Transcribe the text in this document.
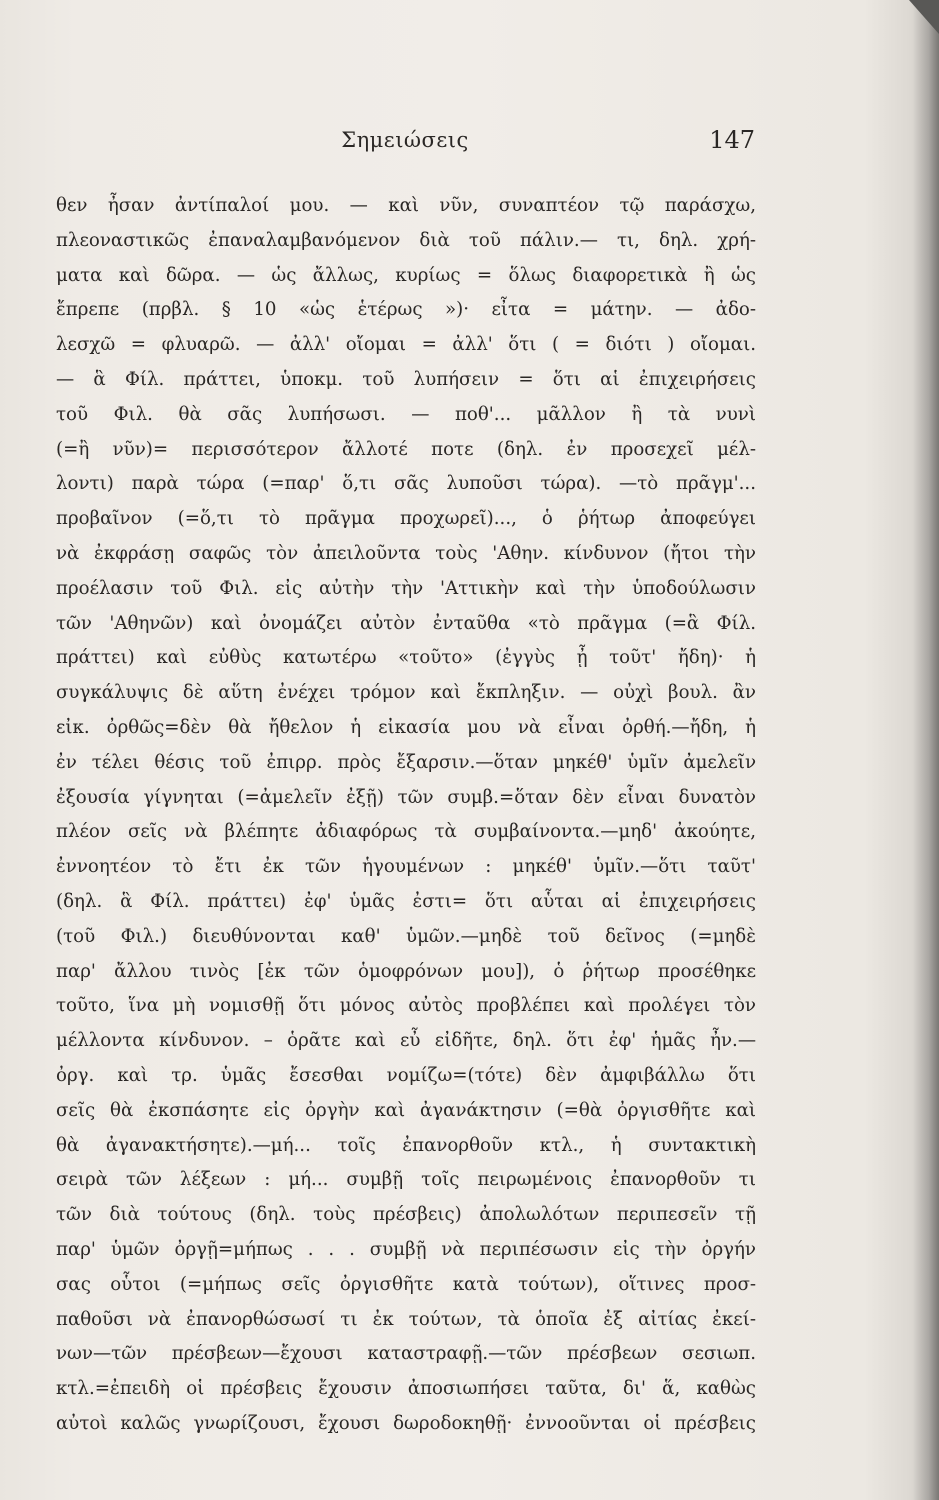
Σημειώσεις	147
θεν ἦσαν ἀντίπαλοί μου. — καὶ νῦν, συναπτέον τῷ παράσχω,
πλεοναστικῶς ἐπαναλαμβανόμενον διὰ τοῦ πάλιν.— τι, δηλ. χρή-
ματα καὶ δῶρα. — ὡς ἄλλως, κυρίως = ὅλως διαφορετικὰ ἢ ὡς
ἔπρεπε (πρβλ. § 10 «ὡς ἑτέρως »)· εἶτα = μάτην. — ἀδο-
λεσχῶ = φλυαρῶ. — ἀλλ' οἴομαι = ἀλλ' ὅτι ( = διότι ) οἴομαι.
— ἃ Φίλ. πράττει, ὑποκμ. τοῦ λυπήσειν = ὅτι αἱ ἐπιχειρήσεις
τοῦ Φιλ. θὰ σᾶς λυπήσωσι. — ποθ'... μᾶλλον ἢ τὰ νυνὶ
(=ἢ νῦν)= περισσότερον ἄλλοτέ ποτε (δηλ. ἐν προσεχεῖ μέλ-
λοντι) παρὰ τώρα (=παρ' ὅ,τι σᾶς λυποῦσι τώρα). —τὸ πρᾶγμ'...
προβαῖνον (=ὅ,τι τὸ πρᾶγμα προχωρεῖ)..., ὁ ῥήτωρ ἀποφεύγει
νὰ ἐκφράσῃ σαφῶς τὸν ἀπειλοῦντα τοὺς 'Αθην. κίνδυνον (ἤτοι τὴν
προέλασιν τοῦ Φιλ. εἰς αὐτὴν τὴν 'Αττικὴν καὶ τὴν ὑποδούλωσιν
τῶν 'Αθηνῶν) καὶ ὀνομάζει αὐτὸν ἐνταῦθα «τὸ πρᾶγμα (=ἃ Φίλ.
πράττει) καὶ εὐθὺς κατωτέρω «τοῦτο» (ἐγγὺς ᾖ τοῦτ' ἤδη)· ἡ
συγκάλυψις δὲ αὕτη ἐνέχει τρόμον καὶ ἔκπληξιν. — οὐχὶ βουλ. ἂν
εἰκ. ὀρθῶς=δὲν θὰ ἤθελον ἡ εἰκασία μου νὰ εἶναι ὀρθή.—ἤδη, ἡ
ἐν τέλει θέσις τοῦ ἐπιρρ. πρὸς ἔξαρσιν.—ὅταν μηκέθ' ὑμῖν ἀμελεῖν
ἐξουσία γίγνηται (=ἀμελεῖν ἐξῇ) τῶν συμβ.=ὅταν δὲν εἶναι δυνατὸν
πλέον σεῖς νὰ βλέπητε ἀδιαφόρως τὰ συμβαίνοντα.—μηδ' ἀκούητε,
ἐννοητέον τὸ ἔτι ἐκ τῶν ἡγουμένων : μηκέθ' ὑμῖν.—ὅτι ταῦτ'
(δηλ. ἃ Φίλ. πράττει) ἐφ' ὑμᾶς ἐστι= ὅτι αὗται αἱ ἐπιχειρήσεις
(τοῦ Φιλ.) διευθύνονται καθ' ὑμῶν.—μηδὲ τοῦ δεῖνος (=μηδὲ
παρ' ἄλλου τινὸς [ἐκ τῶν ὁμοφρόνων μου]), ὁ ῥήτωρ προσέθηκε
τοῦτο, ἵνα μὴ νομισθῇ ὅτι μόνος αὐτὸς προβλέπει καὶ προλέγει τὸν
μέλλοντα κίνδυνον. – ὁρᾶτε καὶ εὖ εἰδῆτε, δηλ. ὅτι ἐφ' ἡμᾶς ἦν.—
ὀργ. καὶ τρ. ὑμᾶς ἔσεσθαι νομίζω=(τότε) δὲν ἀμφιβάλλω ὅτι
σεῖς θὰ ἐκσπάσητε εἰς ὀργὴν καὶ ἀγανάκτησιν (=θὰ ὀργισθῆτε καὶ
θὰ ἀγανακτήσητε).—μή... τοῖς ἐπανορθοῦν κτλ., ἡ συντακτικὴ
σειρὰ τῶν λέξεων : μή... συμβῇ τοῖς πειρωμένοις ἐπανορθοῦν τι
τῶν διὰ τούτους (δηλ. τοὺς πρέσβεις) ἀπολωλότων περιπεσεῖν τῇ
παρ' ὑμῶν ὀργῇ=μήπως . . . συμβῇ νὰ περιπέσωσιν εἰς τὴν ὀργήν
σας οὗτοι (=μήπως σεῖς ὀργισθῆτε κατὰ τούτων), οἵτινες προσ-
παθοῦσι νὰ ἐπανορθώσωσί τι ἐκ τούτων, τὰ ὁποῖα ἐξ αἰτίας ἐκεί-
νων—τῶν πρέσβεων—ἔχουσι καταστραφῇ.—τῶν πρέσβεων σεσιωπ.
κτλ.=ἐπειδὴ οἱ πρέσβεις ἔχουσιν ἀποσιωπήσει ταῦτα, δι' ἅ, καθὼς
αὐτοὶ καλῶς γνωρίζουσι, ἔχουσι δωροδοκηθῇ· ἐννοοῦνται οἱ πρέσβεις
